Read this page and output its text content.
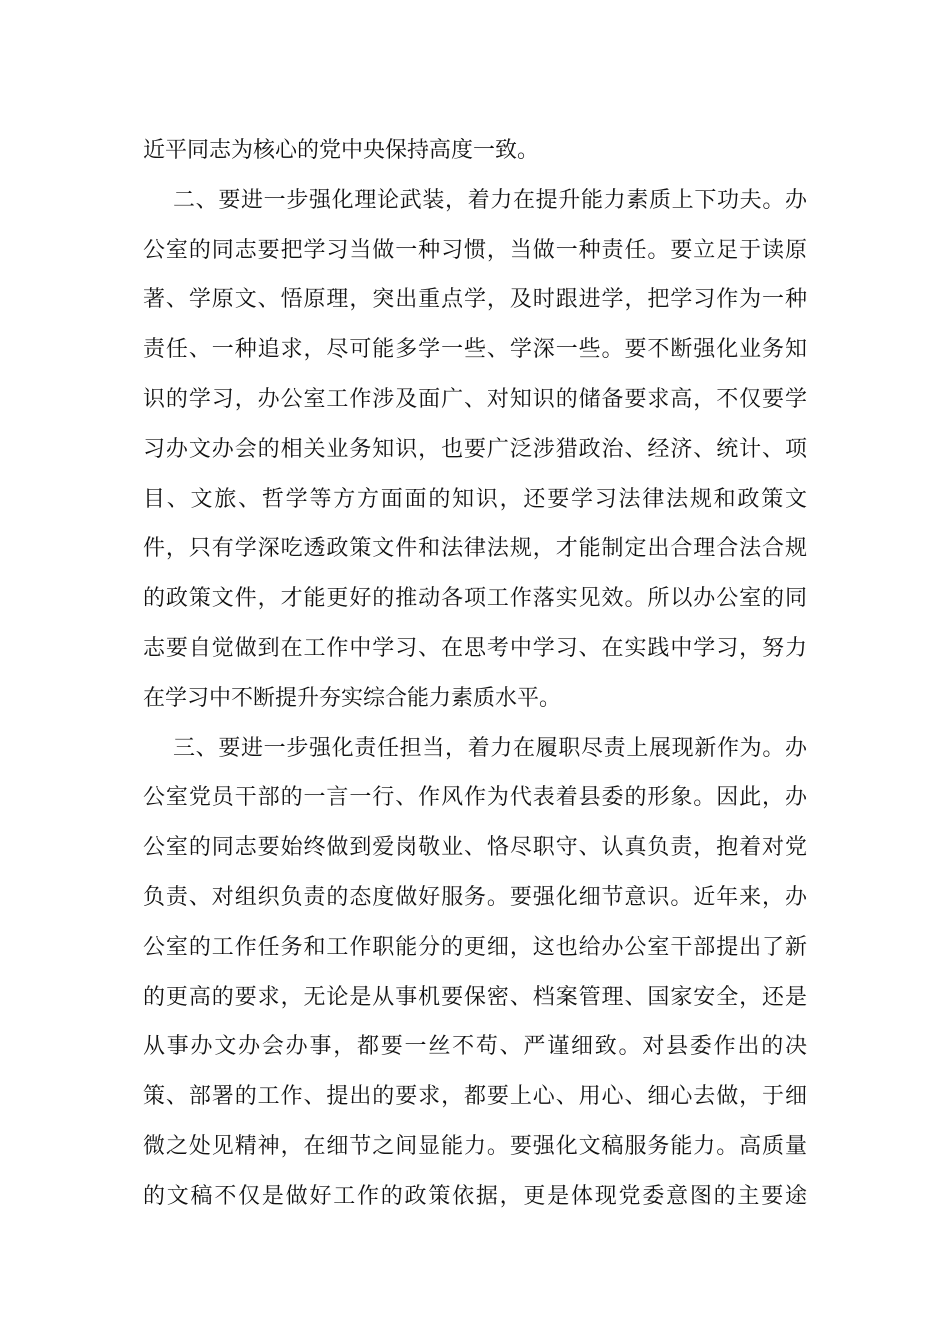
近平同志为核心的党中央保持高度一致。
二、要进一步强化理论武装，着力在提升能力素质上下功夫。办
公室的同志要把学习当做一种习惯，当做一种责任。要立足于读原
著、学原文、悟原理，突出重点学，及时跟进学，把学习作为一种
责任、一种追求，尽可能多学一些、学深一些。要不断强化业务知
识的学习，办公室工作涉及面广、对知识的储备要求高，不仅要学
习办文办会的相关业务知识，也要广泛涉猎政治、经济、统计、项
目、文旅、哲学等方方面面的知识，还要学习法律法规和政策文
件，只有学深吃透政策文件和法律法规，才能制定出合理合法合规
的政策文件，才能更好的推动各项工作落实见效。所以办公室的同
志要自觉做到在工作中学习、在思考中学习、在实践中学习，努力
在学习中不断提升夯实综合能力素质水平。
三、要进一步强化责任担当，着力在履职尽责上展现新作为。办
公室党员干部的一言一行、作风作为代表着县委的形象。因此，办
公室的同志要始终做到爱岗敬业、恪尽职守、认真负责，抱着对党
负责、对组织负责的态度做好服务。要强化细节意识。近年来，办
公室的工作任务和工作职能分的更细，这也给办公室干部提出了新
的更高的要求，无论是从事机要保密、档案管理、国家安全，还是
从事办文办会办事，都要一丝不苟、严谨细致。对县委作出的决
策、部署的工作、提出的要求，都要上心、用心、细心去做，于细
微之处见精神，在细节之间显能力。要强化文稿服务能力。高质量
的文稿不仅是做好工作的政策依据，更是体现党委意图的主要途
